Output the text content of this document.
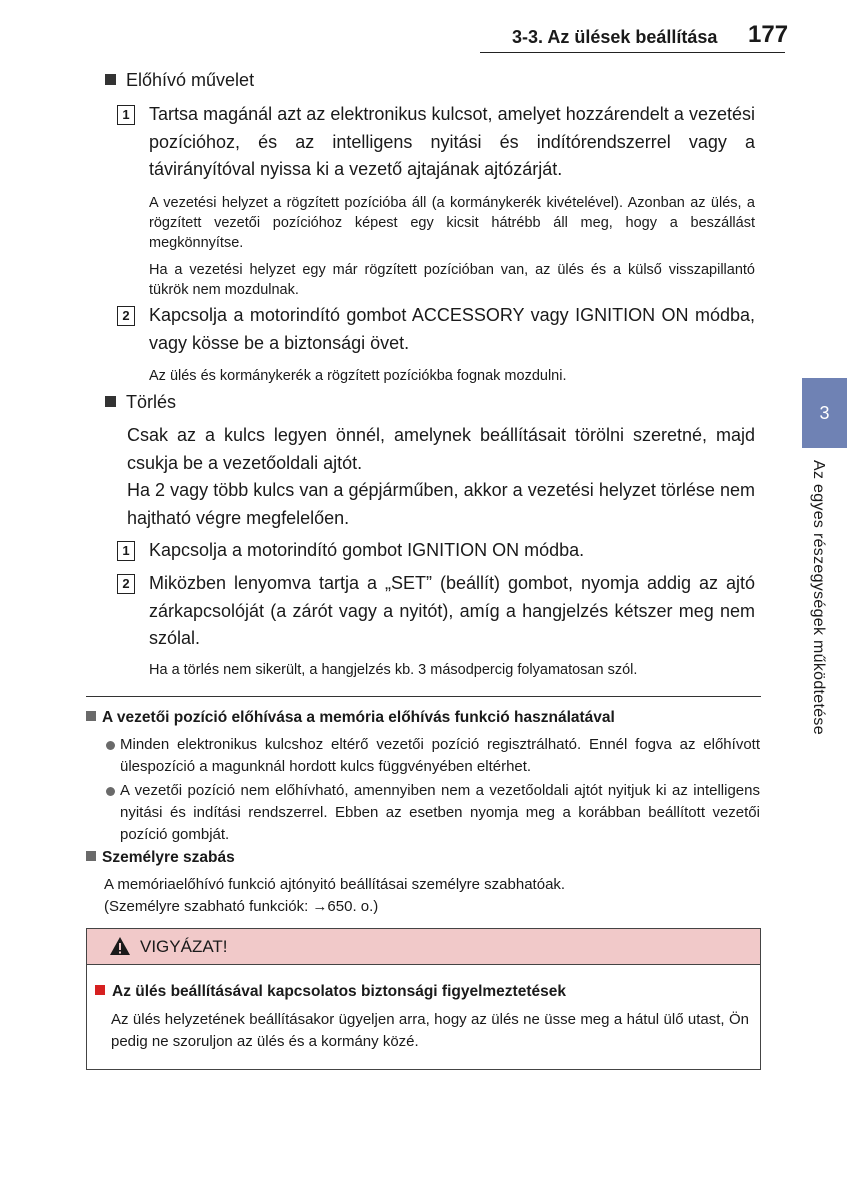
3-3. Az ülések beállítása 177
3
Az egyes részegységek működtetése
Előhívó művelet
1 Tartsa magánál azt az elektronikus kulcsot, amelyet hozzárendelt a vezetési pozícióhoz, és az intelligens nyitási és indítórendszerrel vagy a távirányítóval nyissa ki a vezető ajtajának ajtózárját.
A vezetési helyzet a rögzített pozícióba áll (a kormánykerék kivételével). Azonban az ülés, a rögzített vezetői pozícióhoz képest egy kicsit hátrébb áll meg, hogy a beszállást megkönnyítse.
Ha a vezetési helyzet egy már rögzített pozícióban van, az ülés és a külső visszapillantó tükrök nem mozdulnak.
2 Kapcsolja a motorindító gombot ACCESSORY vagy IGNITION ON módba, vagy kösse be a biztonsági övet.
Az ülés és kormánykerék a rögzített pozíciókba fognak mozdulni.
Törlés
Csak az a kulcs legyen önnél, amelynek beállításait törölni szeretné, majd csukja be a vezetőoldali ajtót.
Ha 2 vagy több kulcs van a gépjárműben, akkor a vezetési helyzet törlése nem hajtható végre megfelelően.
1 Kapcsolja a motorindító gombot IGNITION ON módba.
2 Miközben lenyomva tartja a „SET” (beállít) gombot, nyomja addig az ajtó zárkapcsolóját (a zárót vagy a nyitót), amíg a hangjelzés kétszer meg nem szólal.
Ha a törlés nem sikerült, a hangjelzés kb. 3 másodpercig folyamatosan szól.
A vezetői pozíció előhívása a memória előhívás funkció használatával
Minden elektronikus kulcshoz eltérő vezetői pozíció regisztrálható. Ennél fogva az előhívott ülespozíció a magunknál hordott kulcs függvényében eltérhet.
A vezetői pozíció nem előhívható, amennyiben nem a vezetőoldali ajtót nyitjuk ki az intelligens nyitási és indítási rendszerrel. Ebben az esetben nyomja meg a korábban beállított vezetői pozíció gombját.
Személyre szabás
A memóriaelőhívó funkció ajtónyitó beállításai személyre szabhatóak. (Személyre szabható funkciók: →650. o.)
VIGYÁZAT!
Az ülés beállításával kapcsolatos biztonsági figyelmeztetések
Az ülés helyzetének beállításakor ügyeljen arra, hogy az ülés ne üsse meg a hátul ülő utast, Ön pedig ne szoruljon az ülés és a kormány közé.
